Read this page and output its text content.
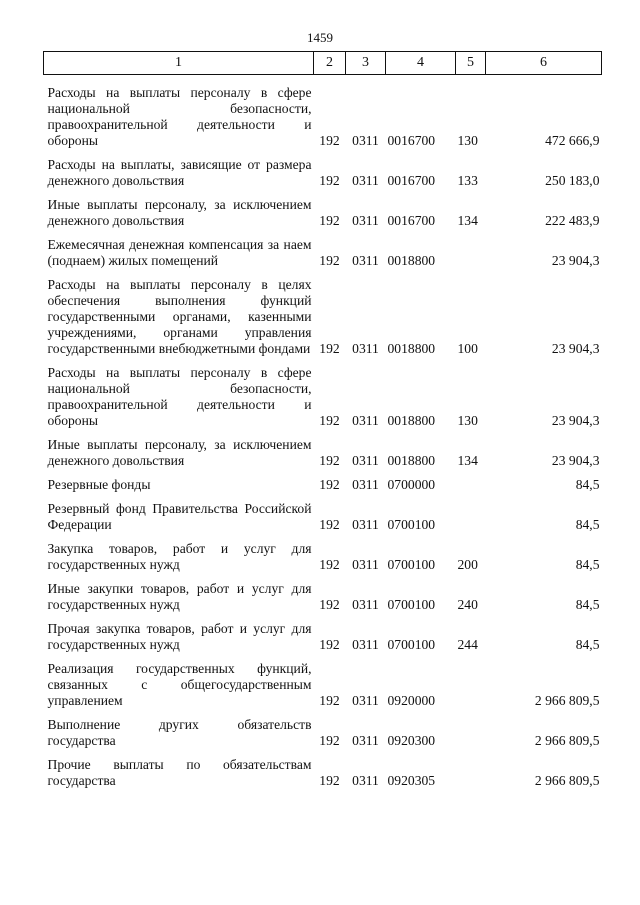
1459
1	2	3	4	5	6
Расходы на выплаты персоналу в сфере национальной безопасности, правоохранительной деятельности и обороны	192	0311	0016700	130	472 666,9
Расходы на выплаты, зависящие от размера денежного довольствия	192	0311	0016700	133	250 183,0
Иные выплаты персоналу, за исключением денежного довольствия	192	0311	0016700	134	222 483,9
Ежемесячная денежная компенсация за наем (поднаем) жилых помещений	192	0311	0018800		23 904,3
Расходы на выплаты персоналу в целях обеспечения выполнения функций государственными органами, казенными учреждениями, органами управления государственными внебюджетными фондами	192	0311	0018800	100	23 904,3
Расходы на выплаты персоналу в сфере национальной безопасности, правоохранительной деятельности и обороны	192	0311	0018800	130	23 904,3
Иные выплаты персоналу, за исключением денежного довольствия	192	0311	0018800	134	23 904,3
Резервные фонды	192	0311	0700000		84,5
Резервный фонд Правительства Российской Федерации	192	0311	0700100		84,5
Закупка товаров, работ и услуг для государственных нужд	192	0311	0700100	200	84,5
Иные закупки товаров, работ и услуг для государственных нужд	192	0311	0700100	240	84,5
Прочая закупка товаров, работ и услуг для государственных нужд	192	0311	0700100	244	84,5
Реализация государственных функций, связанных с общегосударственным управлением	192	0311	0920000		2 966 809,5
Выполнение других обязательств государства	192	0311	0920300		2 966 809,5
Прочие выплаты по обязательствам государства	192	0311	0920305		2 966 809,5
